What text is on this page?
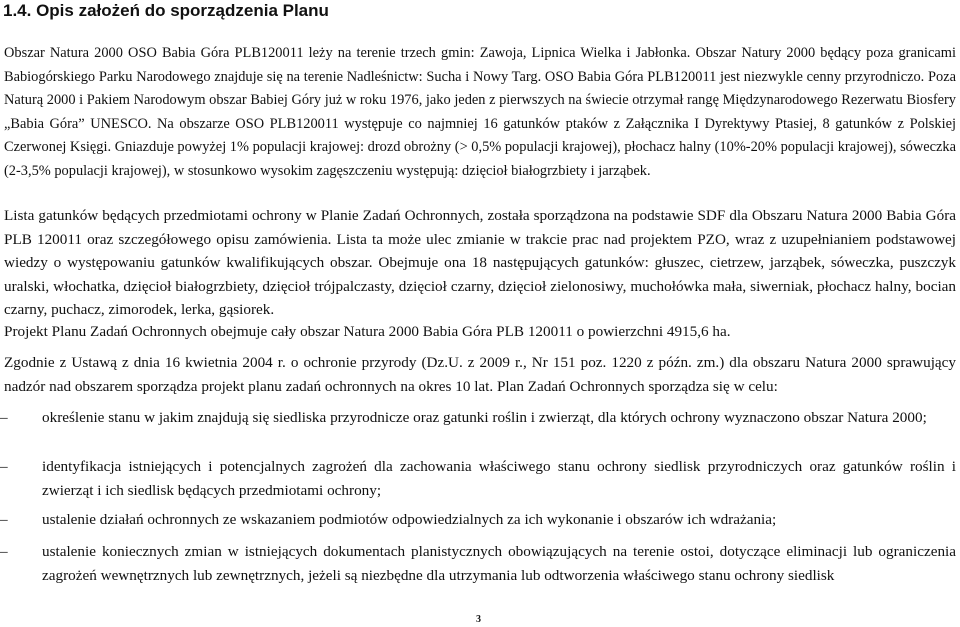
1.4. Opis założeń do sporządzenia Planu

Obszar Natura 2000 OSO Babia Góra PLB120011 leży na terenie trzech gmin: Zawoja, Lipnica Wielka i Jabłonka. Obszar Natury 2000 będący poza granicami Babiogórskiego Parku Narodowego znajduje się na terenie Nadleśnictw: Sucha i Nowy Targ. OSO Babia Góra PLB120011 jest niezwykle cenny przyrodniczo. Poza Naturą 2000 i Pakiem Narodowym obszar Babiej Góry już w roku 1976, jako jeden z pierwszych na świecie otrzymał rangę Międzynarodowego Rezerwatu Biosfery „Babia Góra” UNESCO. Na obszarze OSO PLB120011 występuje co najmniej 16 gatunków ptaków z Załącznika I Dyrektywy Ptasiej, 8 gatunków z Polskiej Czerwonej Księgi. Gniazduje powyżej 1% populacji krajowej: drozd obrożny (> 0,5% populacji krajowej), płochacz halny (10%-20% populacji krajowej), sóweczka (2-3,5% populacji krajowej), w stosunkowo wysokim zagęszczeniu występują: dzięcioł białogrzbiety i jarząbek.

Lista gatunków będących przedmiotami ochrony w Planie Zadań Ochronnych, została sporządzona na podstawie SDF dla Obszaru Natura 2000 Babia Góra PLB 120011 oraz szczegółowego opisu zamówienia. Lista ta może ulec zmianie w trakcie prac nad projektem PZO, wraz z uzupełnianiem podstawowej wiedzy o występowaniu gatunków kwalifikujących obszar. Obejmuje ona 18 następujących gatunków: głuszec, cietrzew, jarząbek, sóweczka, puszczyk uralski, włochatka, dzięcioł białogrzbiety, dzięcioł trójpalczasty, dzięcioł czarny, dzięcioł zielonosiwy, muchołówka mała, siwerniak, płochacz halny, bocian czarny, puchacz, zimorodek, lerka, gąsiorek.

Projekt Planu Zadań Ochronnych obejmuje cały obszar Natura 2000 Babia Góra PLB 120011 o powierzchni 4915,6 ha.

Zgodnie z Ustawą z dnia 16 kwietnia 2004 r. o ochronie przyrody (Dz.U. z 2009 r., Nr 151 poz. 1220 z późn. zm.) dla obszaru Natura 2000 sprawujący nadzór nad obszarem sporządza projekt planu zadań ochronnych na okres 10 lat. Plan Zadań Ochronnych sporządza się w celu:

–	określenie stanu w jakim znajdują się siedliska przyrodnicze oraz gatunki roślin i zwierząt, dla których ochrony wyznaczono obszar Natura 2000;
–	identyfikacja istniejących i potencjalnych zagrożeń dla zachowania właściwego stanu ochrony siedlisk przyrodniczych oraz gatunków roślin i zwierząt i ich siedlisk będących przedmiotami ochrony;
–	ustalenie działań ochronnych ze wskazaniem podmiotów odpowiedzialnych za ich wykonanie i obszarów ich wdrażania;
–	ustalenie koniecznych zmian w istniejących dokumentach planistycznych obowiązujących na terenie ostoi, dotyczące eliminacji lub ograniczenia zagrożeń wewnętrznych lub zewnętrznych, jeżeli są niezbędne dla utrzymania lub odtworzenia właściwego stanu ochrony siedlisk
3
